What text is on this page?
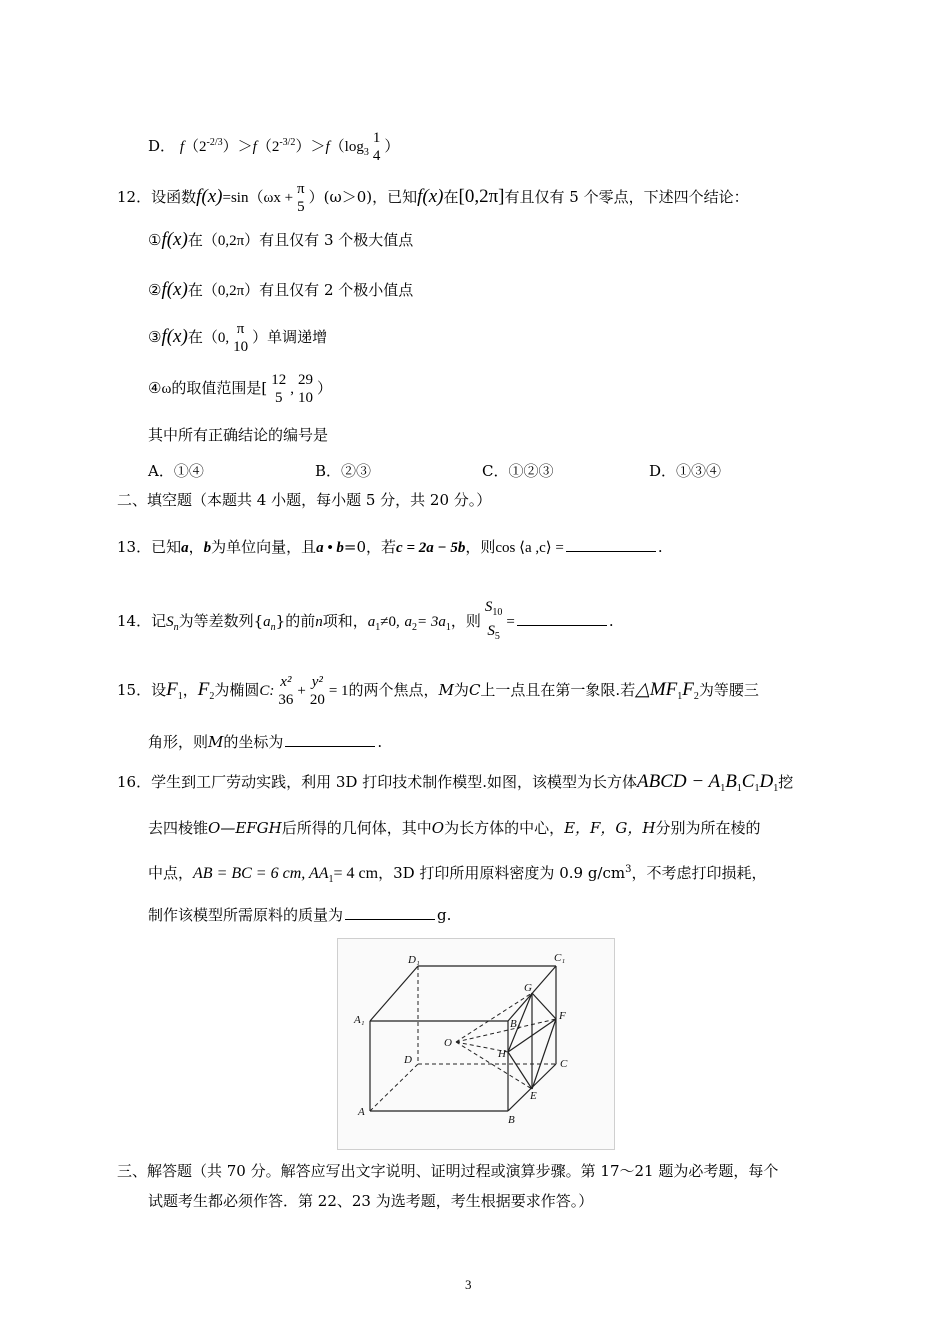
D． $f(2^{-2/3})>f(2^{-3/2})>f(\log_3$
1
4
）
12．设函数f(x)=sin（ωx +
π
5
）(ω＞0)，已知f(x)在[0,2π]有且仅有 5 个零点，下述四个结论：
①f(x)在（0,2π）有且仅有 3 个极大值点
②f(x)在（0,2π）有且仅有 2 个极小值点
③f(x)在（0,
π
10
）单调递增
④ω的取值范围是[ 12
5
,
29
10
）
其中所有正确结论的编号是
A．①④	B．②③	C．①②③	D．①③④
二、填空题（本题共 4 小题，每小题 5 分，共 20 分。）
13．已知a，b为单位向量，且a • b=0，若c = 2a − 5b，则cos ⟨a ,c⟩ =	.
14．记$S_n$为等差数列$\{a_n\}$的前n项和，$a_1\ne 0$, $a_2= 3a_1$，则
$S_{10}$
$S_5$
=	.
15．设$F_1$，$F_2$为椭圆C:
x²
36
+
y²
20
= 1的两个焦点，M为C上一点且在第一象限.若$\triangle MF_1F_2$为等腰三
角形，则M的坐标为	.
16．学生到工厂劳动实践，利用 3D 打印技术制作模型.如图，该模型为长方体ABCD − $A_1B_1C_1D_1$挖
去四棱锥O—EFGH后所得的几何体，其中O为长方体的中心，E，F，G，H分别为所在棱的
中点，AB = BC = 6 cm, $AA_1= 4$ cm，3D 打印所用原料密度为 0.9 $g/cm^3$，不考虑打印损耗，
制作该模型所需原料的质量为	g.
D₁	C₁
A₁	B₁
G
F
O
H
D	C
E
A
B
三、解答题（共 70 分。解答应写出文字说明、证明过程或演算步骤。第 17～21 题为必考题，每个
试题考生都必须作答．第 22、23 为选考题，考生根据要求作答。）
3
